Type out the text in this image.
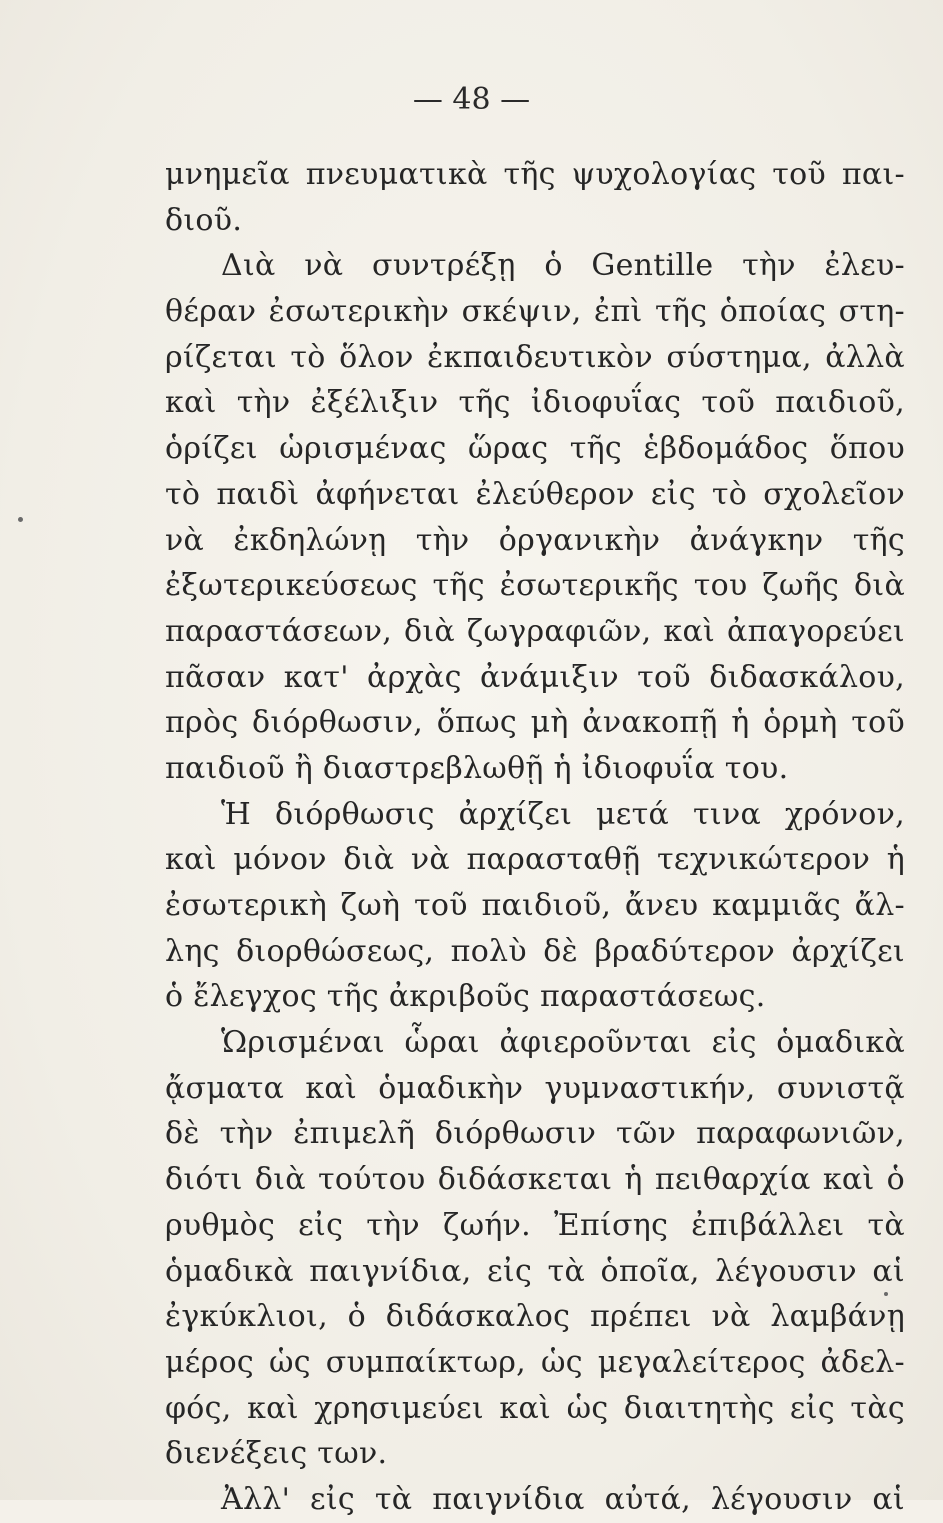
— 48 —
μνημεῖα πνευματικὰ τῆς ψυχολογίας τοῦ παι-
διοῦ.
Διὰ νὰ συντρέξῃ ὁ Gentille τὴν ἐλευ-
θέραν ἐσωτερικὴν σκέψιν, ἐπὶ τῆς ὁποίας στη-
ρίζεται τὸ ὅλον ἐκπαιδευτικὸν σύστημα, ἀλλὰ
καὶ τὴν ἐξέλιξιν τῆς ἰδιοφυΐας τοῦ παιδιοῦ,
ὁρίζει ὡρισμένας ὥρας τῆς ἑβδομάδος ὅπου
τὸ παιδὶ ἀφήνεται ἐλεύθερον εἰς τὸ σχολεῖον
νὰ ἐκδηλώνῃ τὴν ὀργανικὴν ἀνάγκην τῆς
ἐξωτερικεύσεως τῆς ἐσωτερικῆς του ζωῆς διὰ
παραστάσεων, διὰ ζωγραφιῶν, καὶ ἀπαγορεύει
πᾶσαν κατ' ἀρχὰς ἀνάμιξιν τοῦ διδασκάλου,
πρὸς διόρθωσιν, ὅπως μὴ ἀνακοπῇ ἡ ὁρμὴ τοῦ
παιδιοῦ ἢ διαστρεβλωθῇ ἡ ἰδιοφυΐα του.
Ἡ διόρθωσις ἀρχίζει μετά τινα χρόνον,
καὶ μόνον διὰ νὰ παρασταθῇ τεχνικώτερον ἡ
ἐσωτερικὴ ζωὴ τοῦ παιδιοῦ, ἄνευ καμμιᾶς ἄλ-
λης διορθώσεως, πολὺ δὲ βραδύτερον ἀρχίζει
ὁ ἔλεγχος τῆς ἀκριβοῦς παραστάσεως.
Ὡρισμέναι ὧραι ἀφιεροῦνται εἰς ὁμαδικὰ
ᾄσματα καὶ ὁμαδικὴν γυμναστικήν, συνιστᾷ
δὲ τὴν ἐπιμελῆ διόρθωσιν τῶν παραφωνιῶν,
διότι διὰ τούτου διδάσκεται ἡ πειθαρχία καὶ ὁ
ρυθμὸς εἰς τὴν ζωήν. Ἐπίσης ἐπιβάλλει τὰ
ὁμαδικὰ παιγνίδια, εἰς τὰ ὁποῖα, λέγουσιν αἱ
ἐγκύκλιοι, ὁ διδάσκαλος πρέπει νὰ λαμβάνῃ
μέρος ὡς συμπαίκτωρ, ὡς μεγαλείτερος ἀδελ-
φός, καὶ χρησιμεύει καὶ ὡς διαιτητὴς εἰς τὰς
διενέξεις των.
Ἀλλ' εἰς τὰ παιγνίδια αὐτά, λέγουσιν αἱ
